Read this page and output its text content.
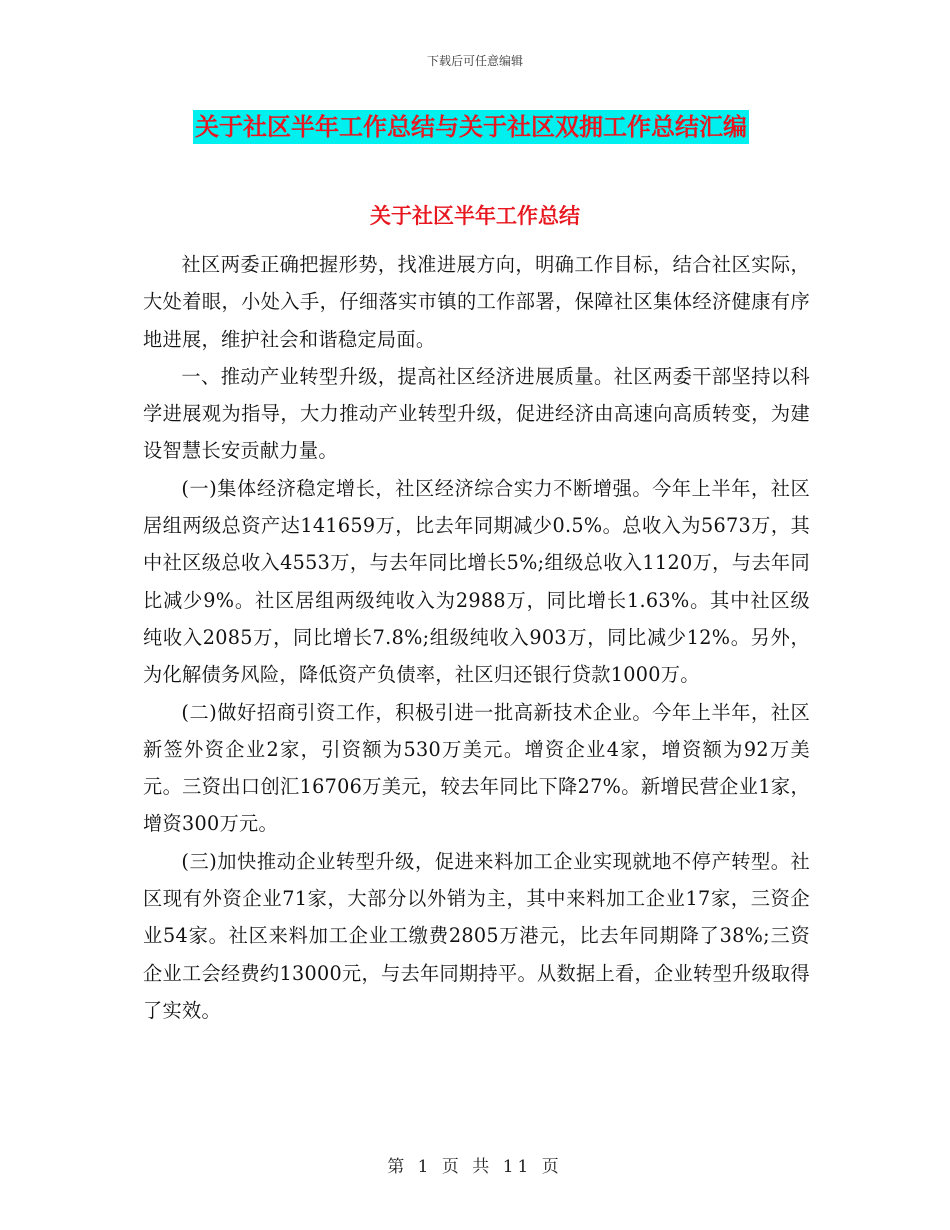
下载后可任意编辑
关于社区半年工作总结与关于社区双拥工作总结汇编
关于社区半年工作总结

社区两委正确把握形势，找准进展方向，明确工作目标，结合社区实际，大处着眼，小处入手，仔细落实市镇的工作部署，保障社区集体经济健康有序地进展，维护社会和谐稳定局面。

一、推动产业转型升级，提高社区经济进展质量。社区两委干部坚持以科学进展观为指导，大力推动产业转型升级，促进经济由高速向高质转变，为建设智慧长安贡献力量。

(一)集体经济稳定增长，社区经济综合实力不断增强。今年上半年，社区居组两级总资产达141659万，比去年同期减少0.5%。总收入为5673万，其中社区级总收入4553万，与去年同比增长5%;组级总收入1120万，与去年同比减少9%。社区居组两级纯收入为2988万，同比增长1.63%。其中社区级纯收入2085万，同比增长7.8%;组级纯收入903万，同比减少12%。另外，为化解债务风险，降低资产负债率，社区归还银行贷款1000万。

(二)做好招商引资工作，积极引进一批高新技术企业。今年上半年，社区新签外资企业2家，引资额为530万美元。增资企业4家，增资额为92万美元。三资出口创汇16706万美元，较去年同比下降27%。新增民营企业1家，增资300万元。

(三)加快推动企业转型升级，促进来料加工企业实现就地不停产转型。社区现有外资企业71家，大部分以外销为主，其中来料加工企业17家，三资企业54家。社区来料加工企业工缴费2805万港元，比去年同期降了38%;三资企业工会经费约13000元，与去年同期持平。从数据上看，企业转型升级取得了实效。

第 1 页 共 11 页
